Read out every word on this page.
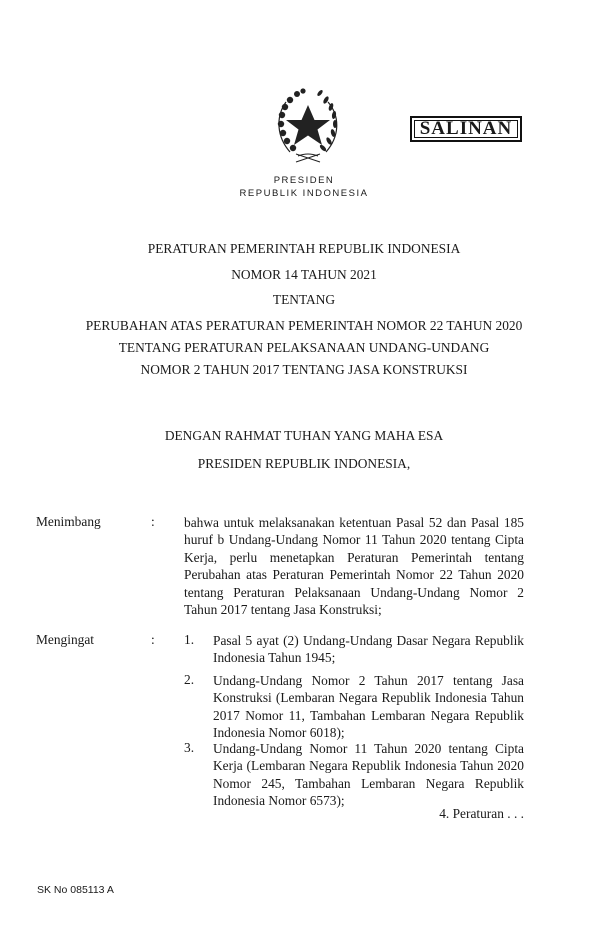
SALINAN
PRESIDEN
REPUBLIK INDONESIA
PERATURAN PEMERINTAH REPUBLIK INDONESIA
NOMOR 14 TAHUN 2021
TENTANG
PERUBAHAN ATAS PERATURAN PEMERINTAH NOMOR 22 TAHUN 2020
TENTANG PERATURAN PELAKSANAAN UNDANG-UNDANG
NOMOR 2 TAHUN 2017 TENTANG JASA KONSTRUKSI
DENGAN RAHMAT TUHAN YANG MAHA ESA
PRESIDEN REPUBLIK INDONESIA,
Menimbang	: bahwa untuk melaksanakan ketentuan Pasal 52 dan Pasal 185 huruf b Undang-Undang Nomor 11 Tahun 2020 tentang Cipta Kerja, perlu menetapkan Peraturan Pemerintah tentang Perubahan atas Peraturan Pemerintah Nomor 22 Tahun 2020 tentang Peraturan Pelaksanaan Undang-Undang Nomor 2 Tahun 2017 tentang Jasa Konstruksi;
Mengingat	: 1. Pasal 5 ayat (2) Undang-Undang Dasar Negara Republik Indonesia Tahun 1945;
2. Undang-Undang Nomor 2 Tahun 2017 tentang Jasa Konstruksi (Lembaran Negara Republik Indonesia Tahun 2017 Nomor 11, Tambahan Lembaran Negara Republik Indonesia Nomor 6018);
3. Undang-Undang Nomor 11 Tahun 2020 tentang Cipta Kerja (Lembaran Negara Republik Indonesia Tahun 2020 Nomor 245, Tambahan Lembaran Negara Republik Indonesia Nomor 6573);
4. Peraturan . . .
SK No 085113 A
